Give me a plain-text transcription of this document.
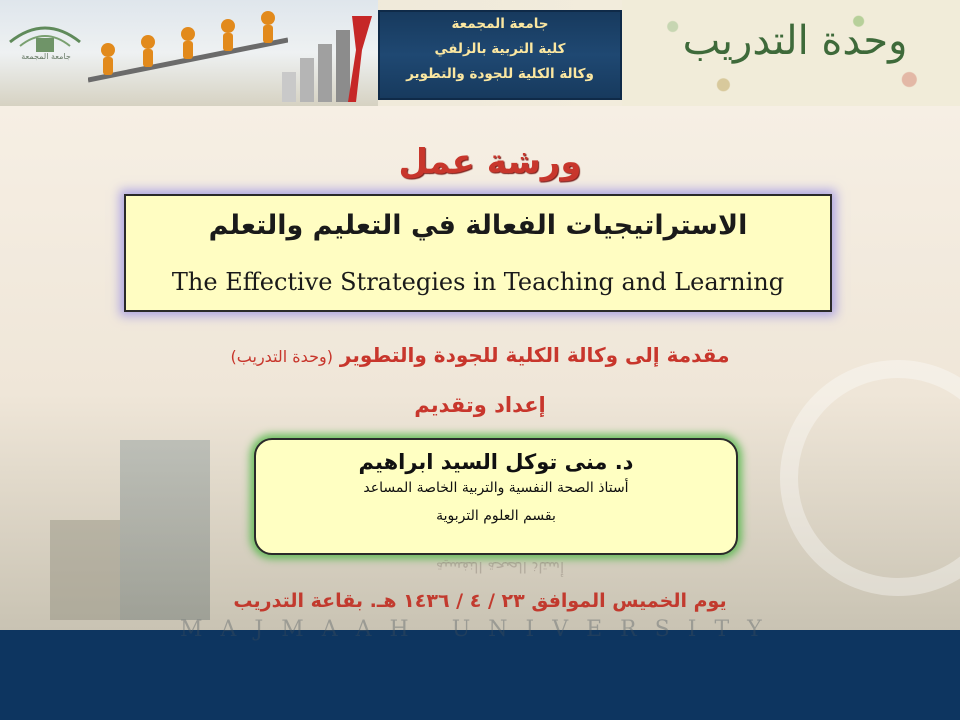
جامعة المجمعة
جامعة المجمعة
كلية التربية بالزلفي
وكالة الكلية للجودة والتطوير
وحدة التدريب
MAJMAAH UNIVERSITY
ورشة عمل
الاستراتيجيات الفعالة في التعليم والتعلم
The Effective Strategies in Teaching and Learning
مقدمة إلى وكالة الكلية للجودة والتطوير (وحدة التدريب)
إعداد وتقديم
د. منى توكل السيد ابراهيم
أستاذ الصحة النفسية والتربية الخاصة المساعد
بقسم العلوم التربوية
أستاذ الصحة النفسية
يوم الخميس الموافق ٢٣ / ٤ / ١٤٣٦ هـ. بقاعة التدريب
